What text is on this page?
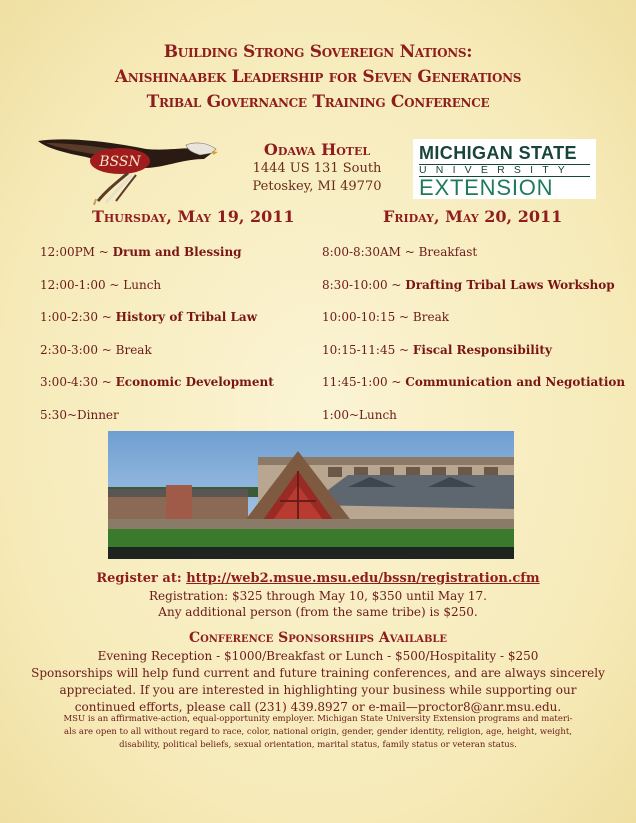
Building Strong Sovereign Nations:
Anishinaabek Leadership for Seven Generations
Tribal Governance Training Conference
BSSN
Odawa Hotel
1444 US 131 South
Petoskey, MI 49770
MICHIGAN STATE
UNIVERSITY
EXTENSION
Thursday, May 19, 2011	Friday, May 20, 2011
12:00PM ~ Drum and Blessing
12:00-1:00 ~ Lunch
1:00-2:30 ~ History of Tribal Law
2:30-3:00 ~ Break
3:00-4:30 ~ Economic Development
5:30~Dinner
8:00-8:30AM ~ Breakfast
8:30-10:00 ~ Drafting Tribal Laws Workshop
10:00-10:15 ~ Break
10:15-11:45 ~ Fiscal Responsibility
11:45-1:00 ~ Communication and Negotiation
1:00~Lunch
Register at: http://web2.msue.msu.edu/bssn/registration.cfm
Registration: $325 through May 10, $350 until May 17.
Any additional person (from the same tribe) is $250.
Conference Sponsorships Available
Evening Reception - $1000/Breakfast or Lunch - $500/Hospitality - $250
Sponsorships will help fund current and future training conferences, and are always sincerely
appreciated. If you are interested in highlighting your business while supporting our
continued efforts, please call (231) 439.8927 or e-mail—proctor8@anr.msu.edu.
MSU is an affirmative-action, equal-opportunity employer. Michigan State University Extension programs and materi-
als are open to all without regard to race, color, national origin, gender, gender identity, religion, age, height, weight,
disability, political beliefs, sexual orientation, marital status, family status or veteran status.
